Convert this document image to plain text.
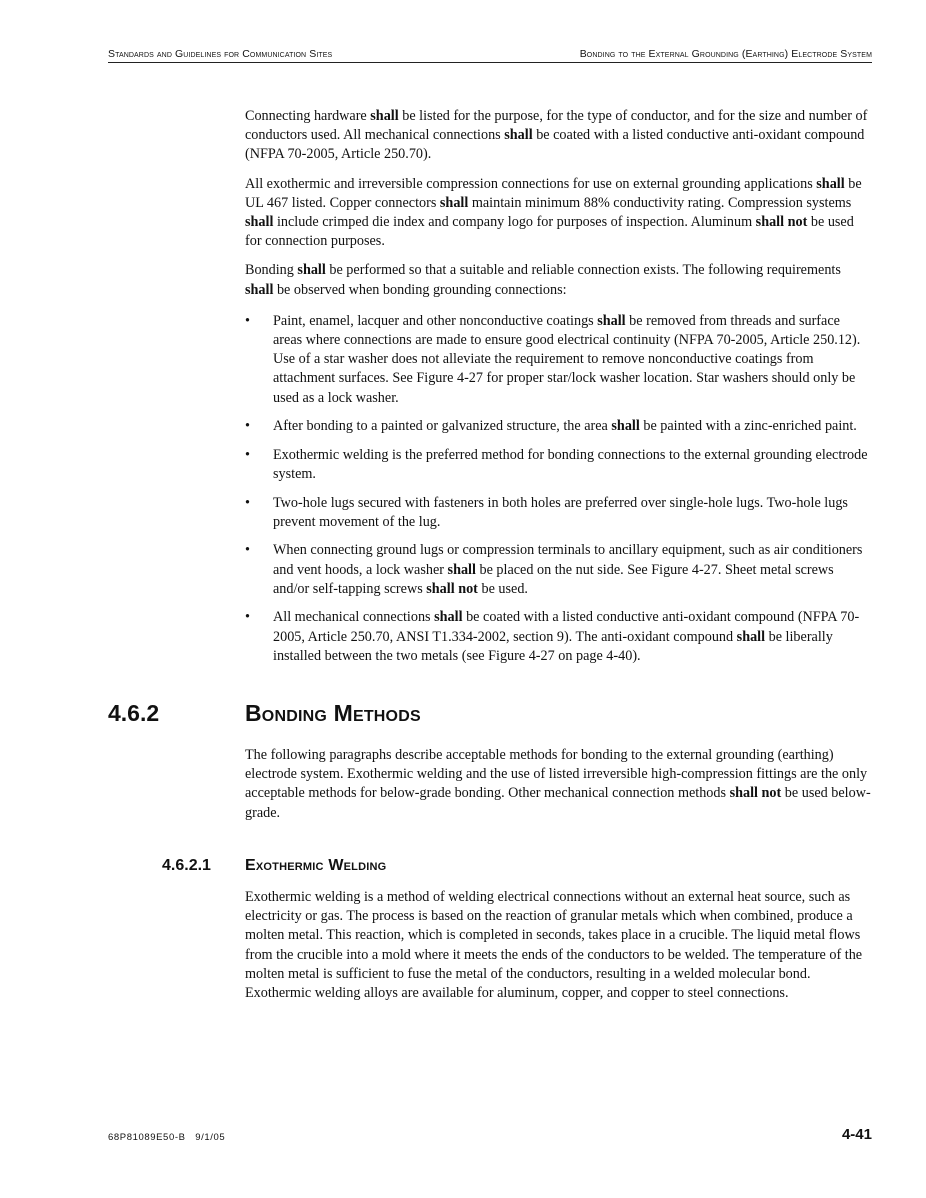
Standards and Guidelines for Communication Sites	Bonding to the External Grounding (Earthing) Electrode System

Connecting hardware shall be listed for the purpose, for the type of conductor, and for the size and number of conductors used. All mechanical connections shall be coated with a listed conductive anti-oxidant compound (NFPA 70-2005, Article 250.70).

All exothermic and irreversible compression connections for use on external grounding applications shall be UL 467 listed. Copper connectors shall maintain minimum 88% conductivity rating. Compression systems shall include crimped die index and company logo for purposes of inspection. Aluminum shall not be used for connection purposes.

Bonding shall be performed so that a suitable and reliable connection exists. The following requirements shall be observed when bonding grounding connections:

• Paint, enamel, lacquer and other nonconductive coatings shall be removed from threads and surface areas where connections are made to ensure good electrical continuity (NFPA 70-2005, Article 250.12). Use of a star washer does not alleviate the requirement to remove nonconductive coatings from attachment surfaces. See Figure 4-27 for proper star/lock washer location. Star washers should only be used as a lock washer.
• After bonding to a painted or galvanized structure, the area shall be painted with a zinc-enriched paint.
• Exothermic welding is the preferred method for bonding connections to the external grounding electrode system.
• Two-hole lugs secured with fasteners in both holes are preferred over single-hole lugs. Two-hole lugs prevent movement of the lug.
• When connecting ground lugs or compression terminals to ancillary equipment, such as air conditioners and vent hoods, a lock washer shall be placed on the nut side. See Figure 4-27. Sheet metal screws and/or self-tapping screws shall not be used.
• All mechanical connections shall be coated with a listed conductive anti-oxidant compound (NFPA 70-2005, Article 250.70, ANSI T1.334-2002, section 9). The anti-oxidant compound shall be liberally installed between the two metals (see Figure 4-27 on page 4-40).
4.6.2	Bonding Methods

The following paragraphs describe acceptable methods for bonding to the external grounding (earthing) electrode system. Exothermic welding and the use of listed irreversible high-compression fittings are the only acceptable methods for below-grade bonding. Other mechanical connection methods shall not be used below-grade.

4.6.2.1 Exothermic Welding

Exothermic welding is a method of welding electrical connections without an external heat source, such as electricity or gas. The process is based on the reaction of granular metals which when combined, produce a molten metal. This reaction, which is completed in seconds, takes place in a crucible. The liquid metal flows from the crucible into a mold where it meets the ends of the conductors to be welded. The temperature of the molten metal is sufficient to fuse the metal of the conductors, resulting in a welded molecular bond. Exothermic welding alloys are available for aluminum, copper, and copper to steel connections.

68P81089E50-B   9/1/05	4-41
